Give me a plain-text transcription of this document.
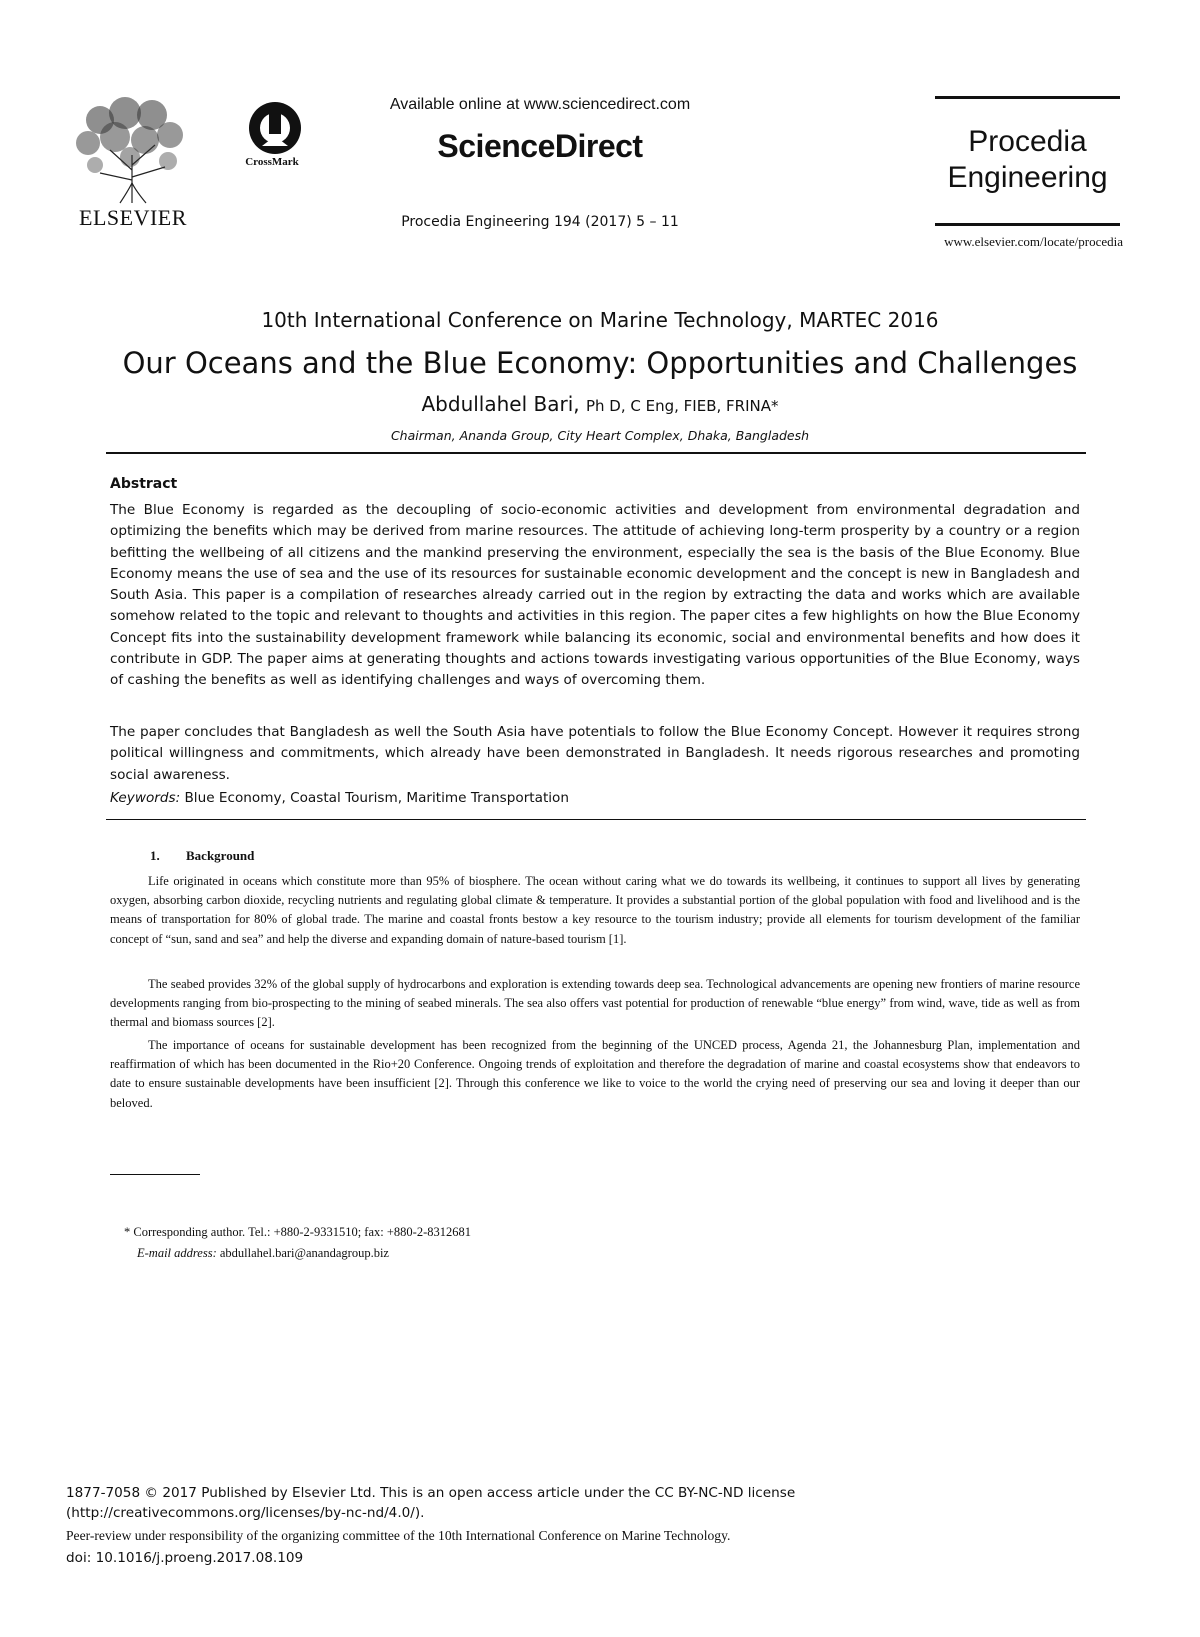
ELSEVIER
CrossMark
Available online at www.sciencedirect.com
ScienceDirect
Procedia Engineering 194 (2017) 5 – 11
Procedia
Engineering
www.elsevier.com/locate/procedia
10th International Conference on Marine Technology, MARTEC 2016
Our Oceans and the Blue Economy: Opportunities and Challenges
Abdullahel Bari, Ph D, C Eng, FIEB, FRINA*
Chairman, Ananda Group, City Heart Complex, Dhaka, Bangladesh
Abstract
The Blue Economy is regarded as the decoupling of socio-economic activities and development from environmental degradation and optimizing the benefits which may be derived from marine resources. The attitude of achieving long-term prosperity by a country or a region befitting the wellbeing of all citizens and the mankind preserving the environment, especially the sea is the basis of the Blue Economy. Blue Economy means the use of sea and the use of its resources for sustainable economic development and the concept is new in Bangladesh and South Asia. This paper is a compilation of researches already carried out in the region by extracting the data and works which are available somehow related to the topic and relevant to thoughts and activities in this region. The paper cites a few highlights on how the Blue Economy Concept fits into the sustainability development framework while balancing its economic, social and environmental benefits and how does it contribute in GDP. The paper aims at generating thoughts and actions towards investigating various opportunities of the Blue Economy, ways of cashing the benefits as well as identifying challenges and ways of overcoming them.
The paper concludes that Bangladesh as well the South Asia have potentials to follow the Blue Economy Concept. However it requires strong political willingness and commitments, which already have been demonstrated in Bangladesh. It needs rigorous researches and promoting social awareness.
Keywords: Blue Economy, Coastal Tourism, Maritime Transportation
1. Background
Life originated in oceans which constitute more than 95% of biosphere. The ocean without caring what we do towards its wellbeing, it continues to support all lives by generating oxygen, absorbing carbon dioxide, recycling nutrients and regulating global climate & temperature. It provides a substantial portion of the global population with food and livelihood and is the means of transportation for 80% of global trade. The marine and coastal fronts bestow a key resource to the tourism industry; provide all elements for tourism development of the familiar concept of “sun, sand and sea” and help the diverse and expanding domain of nature-based tourism [1].
The seabed provides 32% of the global supply of hydrocarbons and exploration is extending towards deep sea. Technological advancements are opening new frontiers of marine resource developments ranging from bio-prospecting to the mining of seabed minerals. The sea also offers vast potential for production of renewable “blue energy” from wind, wave, tide as well as from thermal and biomass sources [2].
The importance of oceans for sustainable development has been recognized from the beginning of the UNCED process, Agenda 21, the Johannesburg Plan, implementation and reaffirmation of which has been documented in the Rio+20 Conference. Ongoing trends of exploitation and therefore the degradation of marine and coastal ecosystems show that endeavors to date to ensure sustainable developments have been insufficient [2]. Through this conference we like to voice to the world the crying need of preserving our sea and loving it deeper than our beloved.
* Corresponding author. Tel.: +880-2-9331510; fax: +880-2-8312681
E-mail address: abdullahel.bari@anandagroup.biz
1877-7058 © 2017 Published by Elsevier Ltd. This is an open access article under the CC BY-NC-ND license
(http://creativecommons.org/licenses/by-nc-nd/4.0/).
Peer-review under responsibility of the organizing committee of the 10th International Conference on Marine Technology.
doi: 10.1016/j.proeng.2017.08.109
